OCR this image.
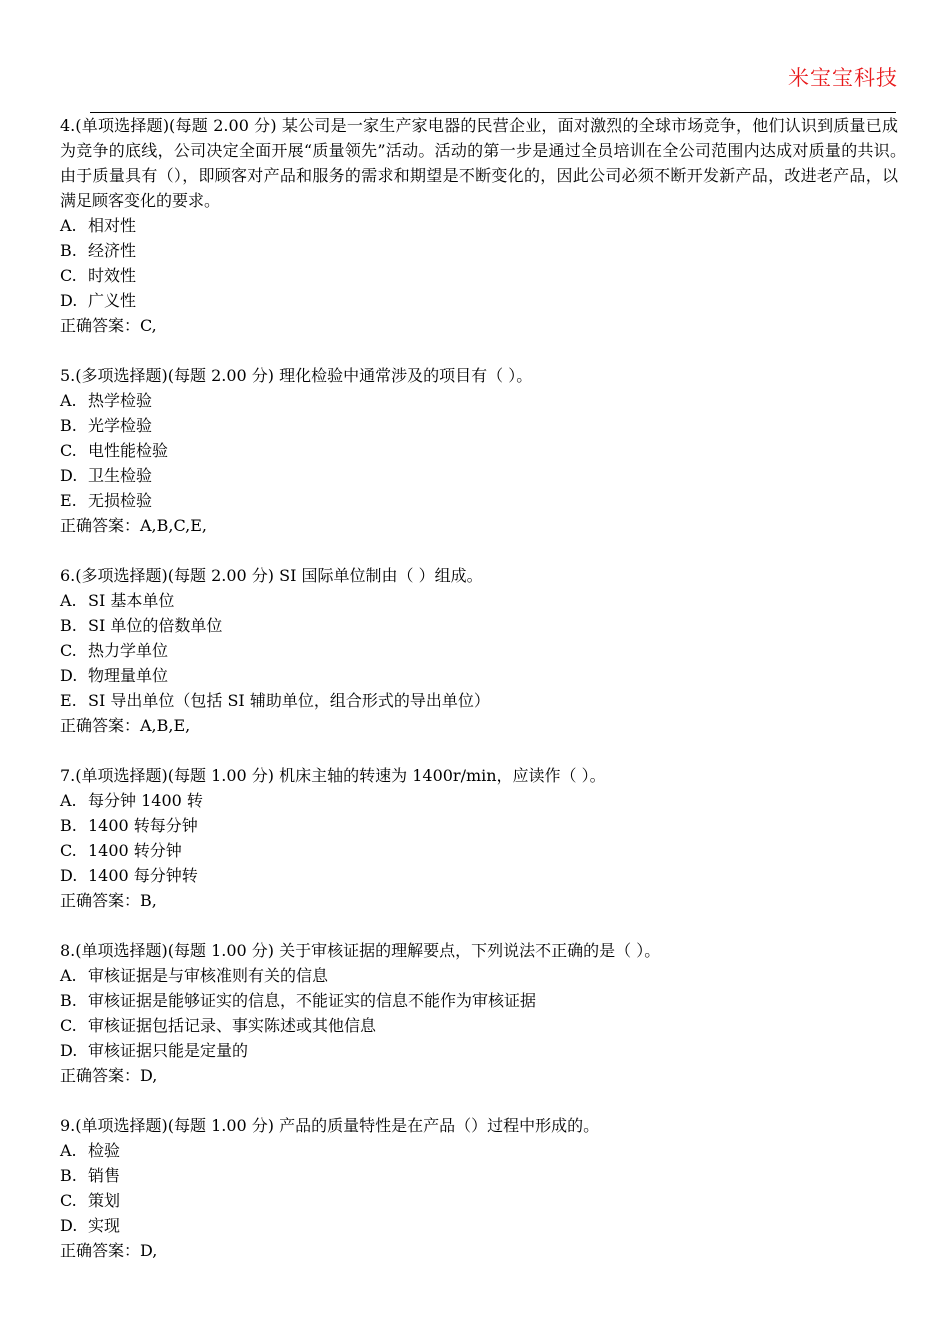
米宝宝科技
4.(单项选择题)(每题 2.00 分) 某公司是一家生产家电器的民营企业，面对激烈的全球市场竞争，他们认识到质量已成为竞争的底线，公司决定全面开展“质量领先”活动。活动的第一步是通过全员培训在全公司范围内达成对质量的共识。　　由于质量具有（），即顾客对产品和服务的需求和期望是不断变化的，因此公司必须不断开发新产品，改进老产品，以满足顾客变化的要求。
A. 相对性
B. 经济性
C. 时效性
D. 广义性
正确答案：C,
5.(多项选择题)(每题 2.00 分) 理化检验中通常涉及的项目有（ ）。
A. 热学检验
B. 光学检验
C. 电性能检验
D. 卫生检验
E. 无损检验
正确答案：A,B,C,E,
6.(多项选择题)(每题 2.00 分) SI 国际单位制由（ ）组成。
A. SI 基本单位
B. SI 单位的倍数单位
C. 热力学单位
D. 物理量单位
E. SI 导出单位（包括 SI 辅助单位，组合形式的导出单位）
正确答案：A,B,E,
7.(单项选择题)(每题 1.00 分) 机床主轴的转速为 1400r/min，应读作（ ）。
A. 每分钟 1400 转
B. 1400 转每分钟
C. 1400 转分钟
D. 1400 每分钟转
正确答案：B,
8.(单项选择题)(每题 1.00 分) 关于审核证据的理解要点，下列说法不正确的是（ ）。
A. 审核证据是与审核准则有关的信息
B. 审核证据是能够证实的信息，不能证实的信息不能作为审核证据
C. 审核证据包括记录、事实陈述或其他信息
D. 审核证据只能是定量的
正确答案：D,
9.(单项选择题)(每题 1.00 分) 产品的质量特性是在产品（）过程中形成的。
A. 检验
B. 销售
C. 策划
D. 实现
正确答案：D,
